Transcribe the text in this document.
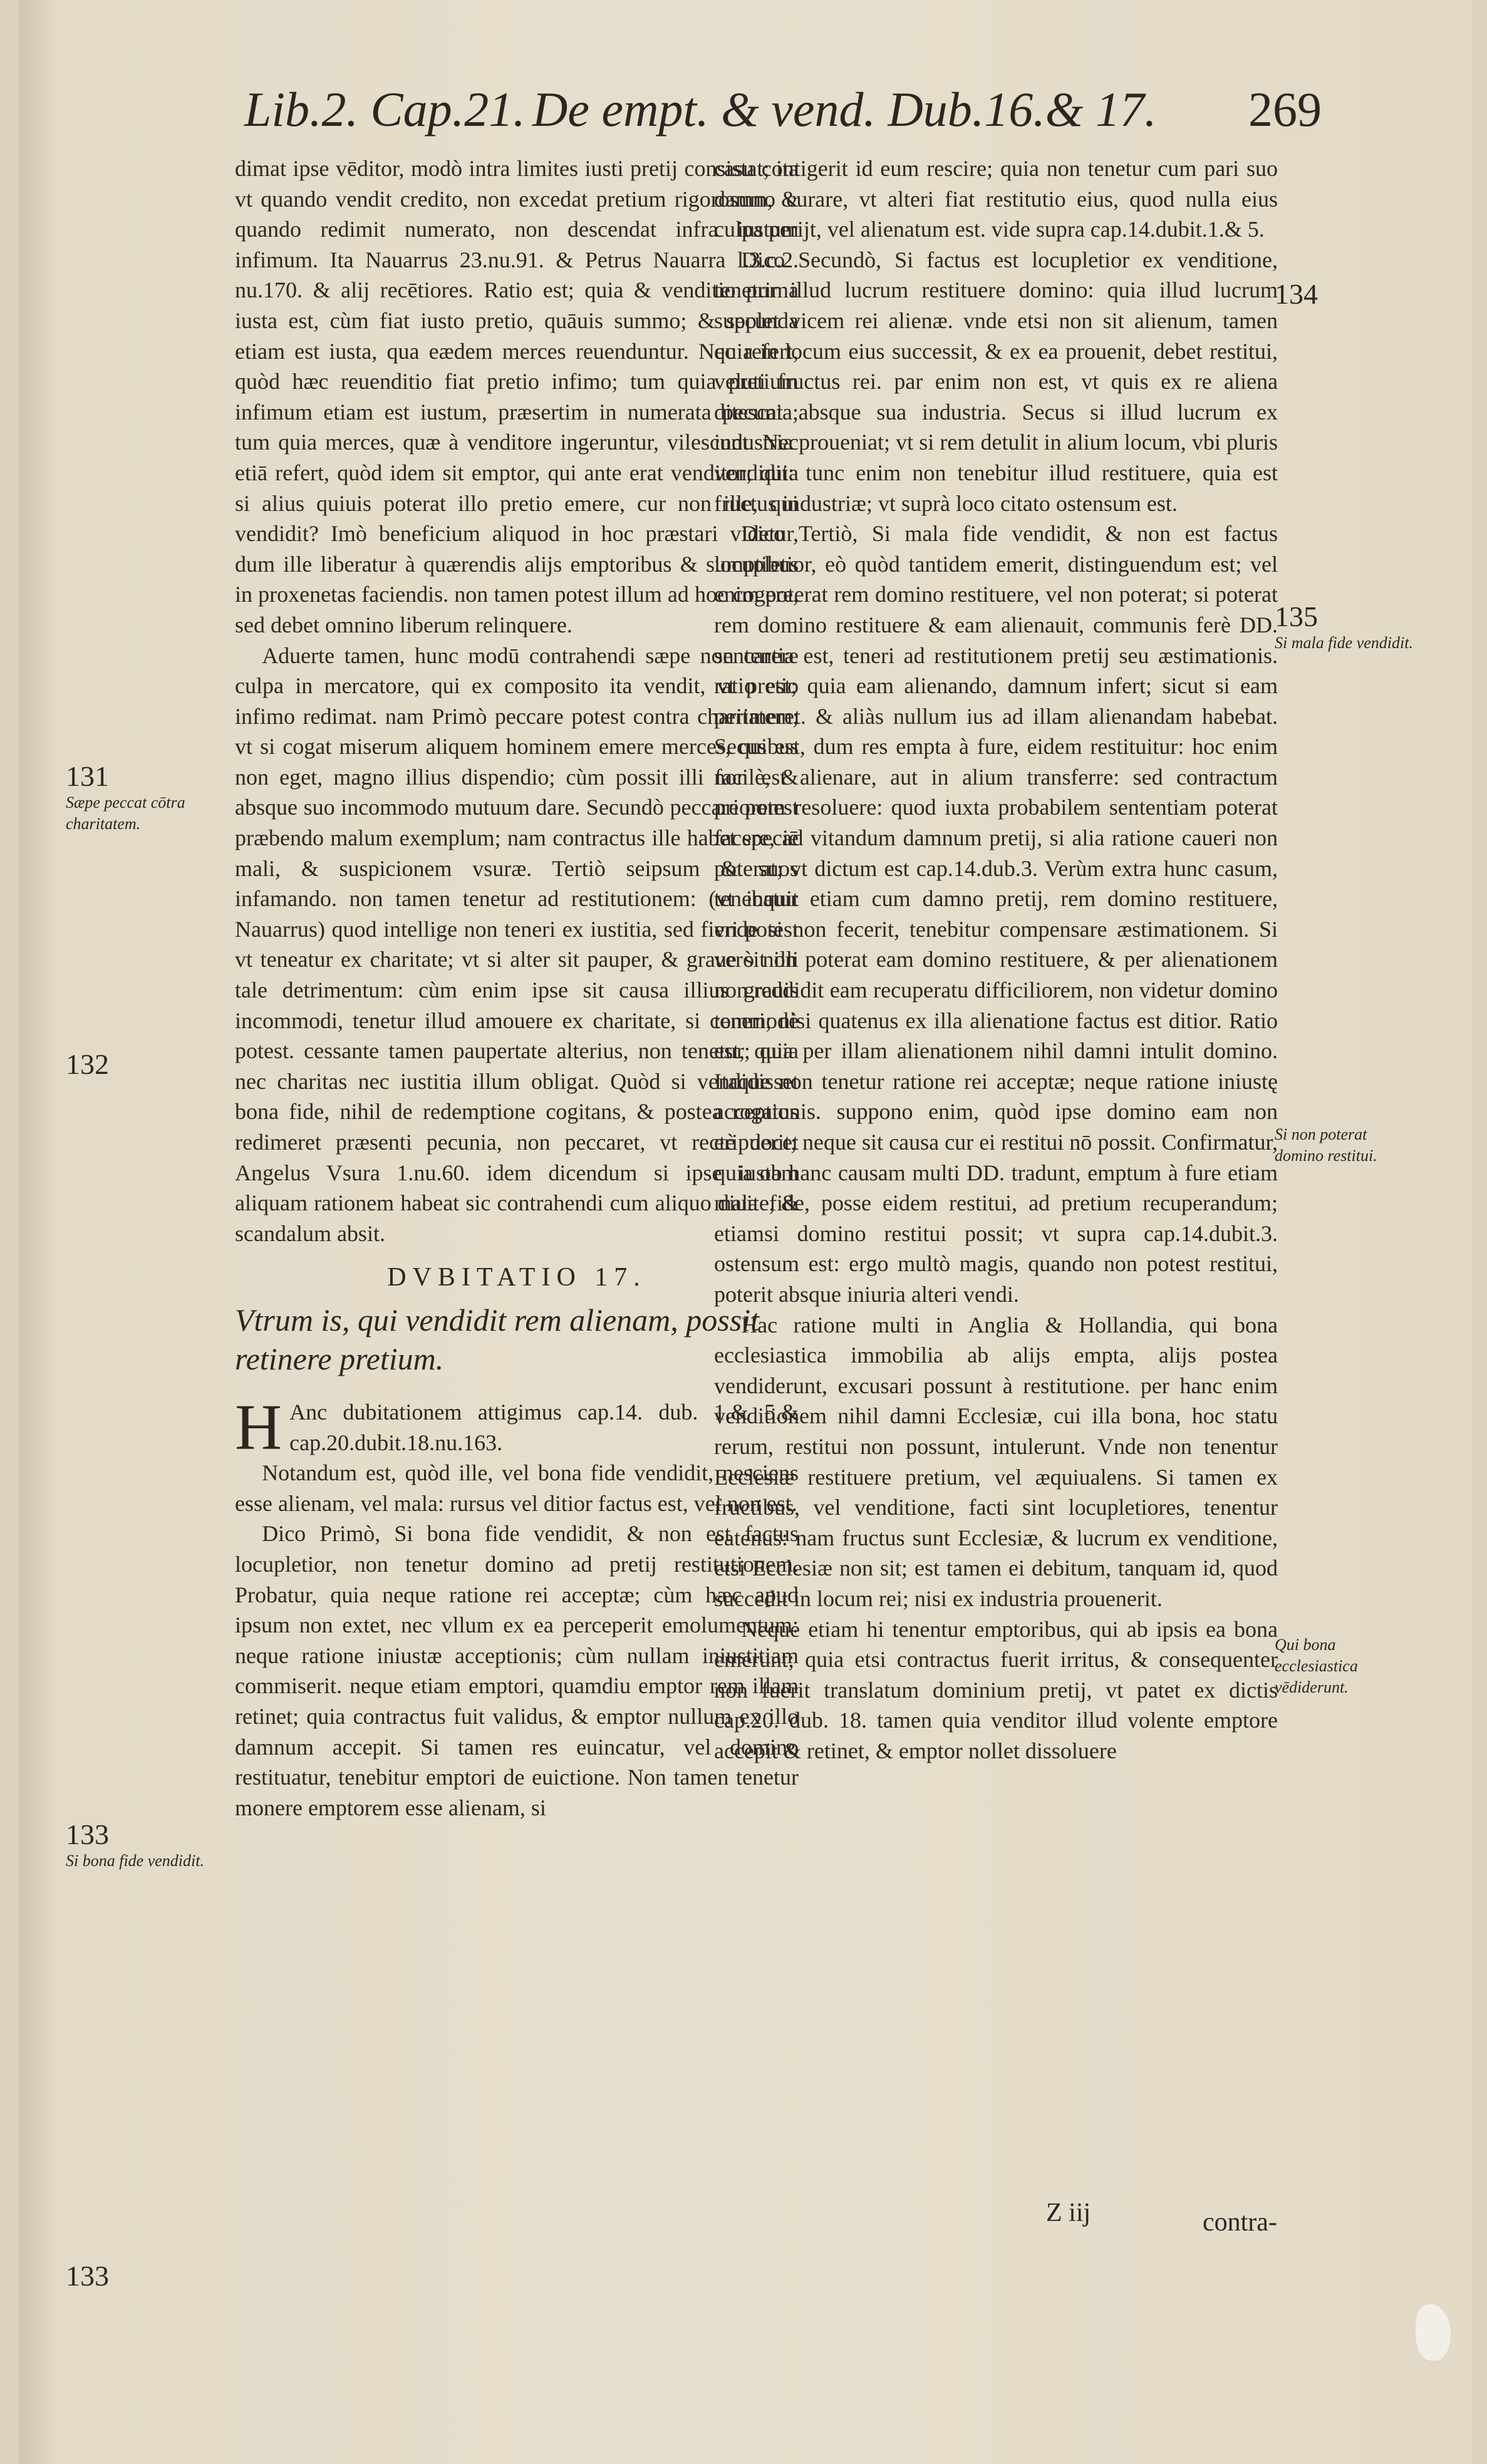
Lib.2. Cap.21. De empt. & vend. Dub.16.& 17. 269

dimat ipse vēditor, modò intra limites iusti pretij consistat; ita vt quando vendit credito, non excedat pretium rigorosum, & quando redimit numerato, non descendat infra iustum infimum. Ita Nauarrus 23.nu.91. & Petrus Nauarra l.3.c.2. nu.170. & alij recētiores. Ratio est; quia & venditio prima iusta est, cùm fiat iusto pretio, quāuis summo; & secunda etiam est iusta, qua eædem merces reuenduntur. Nec refert, quòd hæc reuenditio fiat pretio infimo; tum quia pretium infimum etiam est iustum, præsertim in numerata pecunia; tum quia merces, quæ à venditore ingeruntur, vilescunt. Nec etiā refert, quòd idem sit emptor, qui ante erat venditor; quia si alius quiuis poterat illo pretio emere, cur non ille, qui vendidit? Imò beneficium aliquod in hoc præstari videtur, dum ille liberatur à quærendis alijs emptoribus & sumptibus in proxenetas faciendis. non tamen potest illum ad hoc cogere, sed debet omnino liberum relinquere.

Aduerte tamen, hunc modū contrahendi sæpe non carere culpa in mercatore, qui ex composito ita vendit, vt pretio infimo redimat. nam Primò peccare potest contra charitatem; vt si cogat miserum aliquem hominem emere merces, quibus non eget, magno illius dispendio; cùm possit illi facilè, & absque suo incommodo mutuum dare. Secundò peccare potest præbendo malum exemplum; nam contractus ille habet speciē mali, & suspicionem vsuræ. Tertiò seipsum & suos infamando. non tamen tenetur ad restitutionem: (vt inquit Nauarrus) quod intellige non teneri ex iustitia, sed fieri potest vt teneatur ex charitate; vt si alter sit pauper, & graue sit illi tale detrimentum: cùm enim ipse sit causa illius grauis incommodi, tenetur illud amouere ex charitate, si commodè potest. cessante tamen paupertate alterius, non tenetur; quia nec charitas nec iustitia illum obligat. Quòd si vendidisset bona fide, nihil de redemptione cogitans, & postea rogatus redimeret præsenti pecunia, non peccaret, vt rectè docet Angelus Vsura 1.nu.60. idem dicendum si ipse iustam aliquam rationem habeat sic contrahendi cum aliquo diuite, & scandalum absit.

DVBITATIO 17.
Vtrum is, qui vendidit rem alienam, possit retinere pretium.

H Anc dubitationem attigimus cap.14. dub. 1.& 5.& cap.20.dubit.18.nu.163.

Notandum est, quòd ille, vel bona fide vendidit, nesciens esse alienam, vel mala: rursus vel ditior factus est, vel non est.

Dico Primò, Si bona fide vendidit, & non est factus locupletior, non tenetur domino ad pretij restitutionem. Probatur, quia neque ratione rei acceptæ; cùm hæc apud ipsum non extet, nec vllum ex ea perceperit emolumentum: neque ratione iniustæ acceptionis; cùm nullam iniustitiam commiserit. neque etiam emptori, quamdiu emptor rem illam retinet; quia contractus fuit validus, & emptor nullum ex illo damnum accepit. Si tamen res euincatur, vel domino restituatur, tenebitur emptori de euictione. Non tamen tenetur monere emptorem esse alienam, si

casu contigerit id eum rescire; quia non tenetur cum pari suo damno curare, vt alteri fiat restitutio eius, quod nulla eius culpa perijt, vel alienatum est. vide supra cap.14.dubit.1.& 5.

Dico Secundò, Si factus est locupletior ex venditione, tenetur illud lucrum restituere domino: quia illud lucrum supplet vicem rei alienæ. vnde etsi non sit alienum, tamen quia in locum eius successit, & ex ea prouenit, debet restitui, veluti fructus rei. par enim non est, vt quis ex re aliena ditescat absque sua industria. Secus si illud lucrum ex industria proueniat; vt si rem detulit in alium locum, vbi pluris vendidit: tunc enim non tenebitur illud restituere, quia est fructus industriæ; vt suprà loco citato ostensum est.

Dico Tertiò, Si mala fide vendidit, & non est factus locupletior, eò quòd tantidem emerit, distinguendum est; vel enim poterat rem domino restituere, vel non poterat; si poterat rem domino restituere & eam alienauit, communis ferè DD. sententia est, teneri ad restitutionem pretij seu æstimationis. ratio est; quia eam alienando, damnum infert; sicut si eam perimeret. & aliàs nullum ius ad illam alienandam habebat. Secus est, dum res empta à fure, eidem restituitur: hoc enim non est alienare, aut in alium transferre: sed contractum priorem resoluere: quod iuxta probabilem sententiam poterat facere, ad vitandum damnum pretij, si alia ratione caueri non poterat; vt dictum est cap.14.dub.3. Verùm extra hunc casum, tenebatur etiam cum damno pretij, rem domino restituere, vnde si non fecerit, tenebitur compensare æstimationem. Si verò non poterat eam domino restituere, & per alienationem non reddidit eam recuperatu difficiliorem, non videtur domino teneri; nisi quatenus ex illa alienatione factus est ditior. Ratio est, quia per illam alienationem nihil damni intulit domino. Itaque non tenetur ratione rei acceptæ; neque ratione iniustę acceptionis. suppono enim, quòd ipse domino eam non eripuerit; neque sit causa cur ei restitui nō possit. Confirmatur, quia ob hanc causam multi DD. tradunt, emptum à fure etiam mala fide, posse eidem restitui, ad pretium recuperandum; etiamsi domino restitui possit; vt supra cap.14.dubit.3. ostensum est: ergo multò magis, quando non potest restitui, poterit absque iniuria alteri vendi.

Hac ratione multi in Anglia & Hollandia, qui bona ecclesiastica immobilia ab alijs empta, alijs postea vendiderunt, excusari possunt à restitutione. per hanc enim venditionem nihil damni Ecclesiæ, cui illa bona, hoc statu rerum, restitui non possunt, intulerunt. Vnde non tenentur Ecclesiæ restituere pretium, vel æquiualens. Si tamen ex fructibus, vel venditione, facti sint locupletiores, tenentur eatenus: nam fructus sunt Ecclesiæ, & lucrum ex venditione, etsi Ecclesiæ non sit; est tamen ei debitum, tanquam id, quod succedit in locum rei; nisi ex industria prouenerit.

Neque etiam hi tenentur emptoribus, qui ab ipsis ea bona emerunt; quia etsi contractus fuerit irritus, & consequenter non fuerit translatum dominium pretij, vt patet ex dictis cap.20. dub. 18. tamen quia venditor illud volente emptore accepit & retinet, & emptor nollet dissoluere

131
Sæpe peccat cōtra charitatem.
132
133
Si bona fide vendidit.
133
134
135
Si mala fide vendidit.
Si non poterat domino restitui.
Qui bona ecclesiastica vēdiderunt.
Z iij	contra-
